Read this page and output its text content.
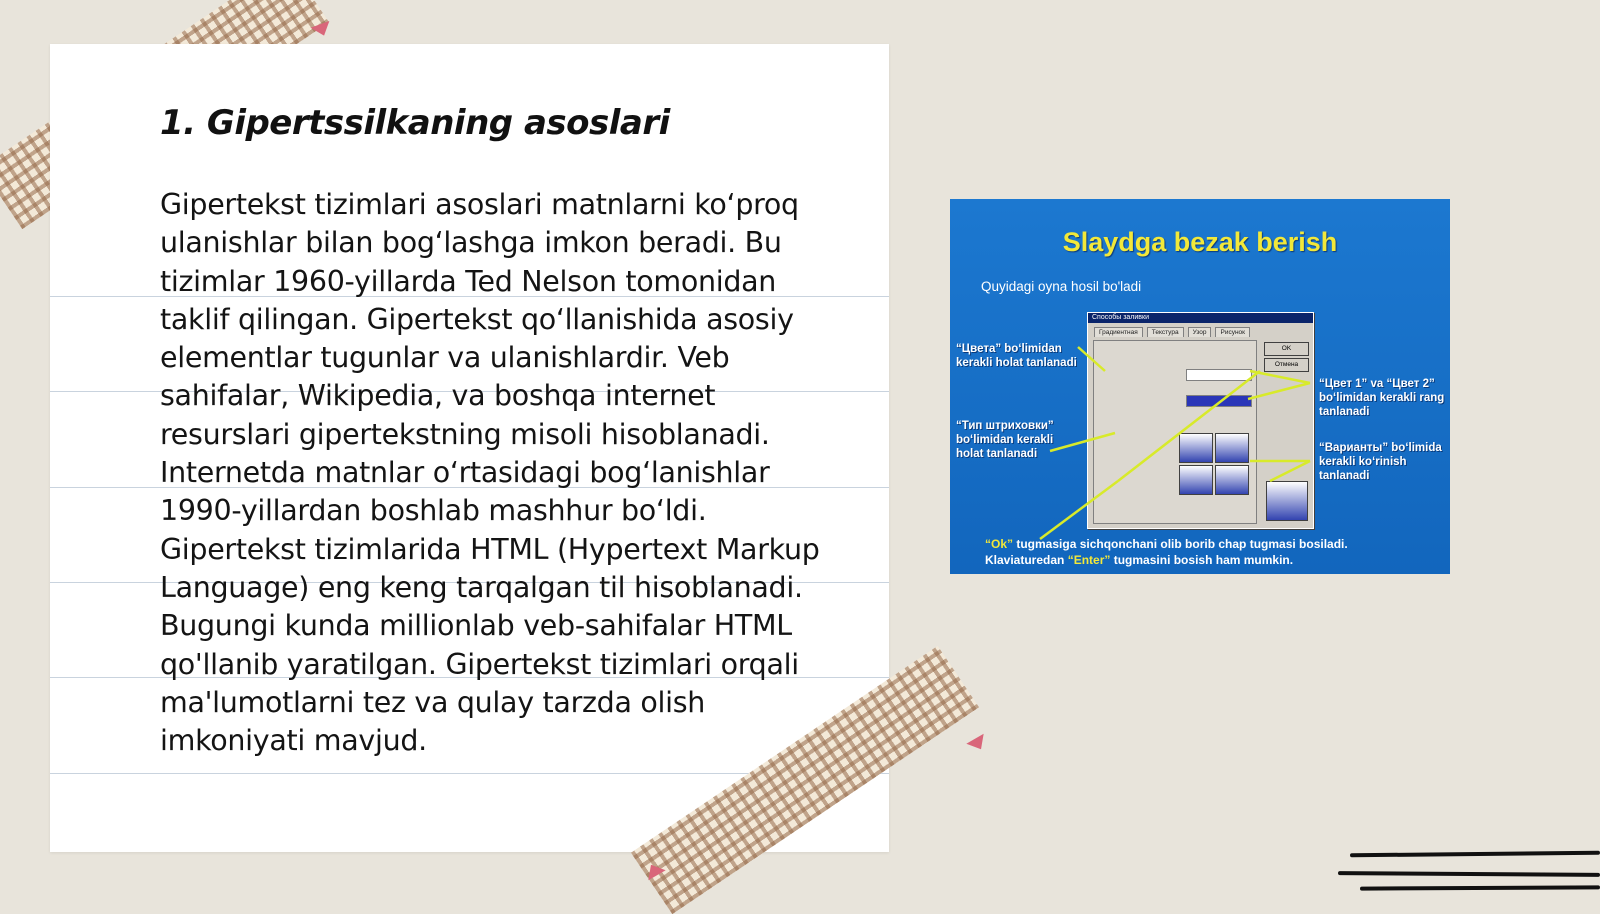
1. Gipertssilkaning asoslari

Gipertekst tizimlari asoslari matnlarni ko‘proq ulanishlar bilan bog‘lashga imkon beradi. Bu tizimlar 1960-yillarda Ted Nelson tomonidan taklif qilingan. Gipertekst qo‘llanishida asosiy elementlar tugunlar va ulanishlardir. Veb sahifalar, Wikipedia, va boshqa internet resurslari gipertekstning misoli hisoblanadi. Internetda matnlar o‘rtasidagi bog‘lanishlar 1990-yillardan boshlab mashhur bo‘ldi. Gipertekst tizimlarida HTML (Hypertext Markup Language) eng keng tarqalgan til hisoblanadi. Bugungi kunda millionlab veb-sahifalar HTML qo'llanib yaratilgan. Gipertekst tizimlari orqali ma'lumotlarni tez va qulay tarzda olish imkoniyati mavjud.

Slaydga bezak berish
Quyidagi oyna hosil bo'ladi
Способы заливки
Градиентная	Текстура	Узор	Рисунок
OK
Отмена
“Цвета” bo‘limidan kerakli holat tanlanadi
“Тип штриховки” bo‘limidan kerakli holat tanlanadi
“Цвет 1” va “Цвет 2” bo‘limidan kerakli rang tanlanadi
“Варианты” bo‘limida kerakli ko‘rinish tanlanadi
“Ok” tugmasiga sichqonchani olib borib chap tugmasi bosiladi.
Klaviaturedan “Enter” tugmasini bosish ham mumkin.
